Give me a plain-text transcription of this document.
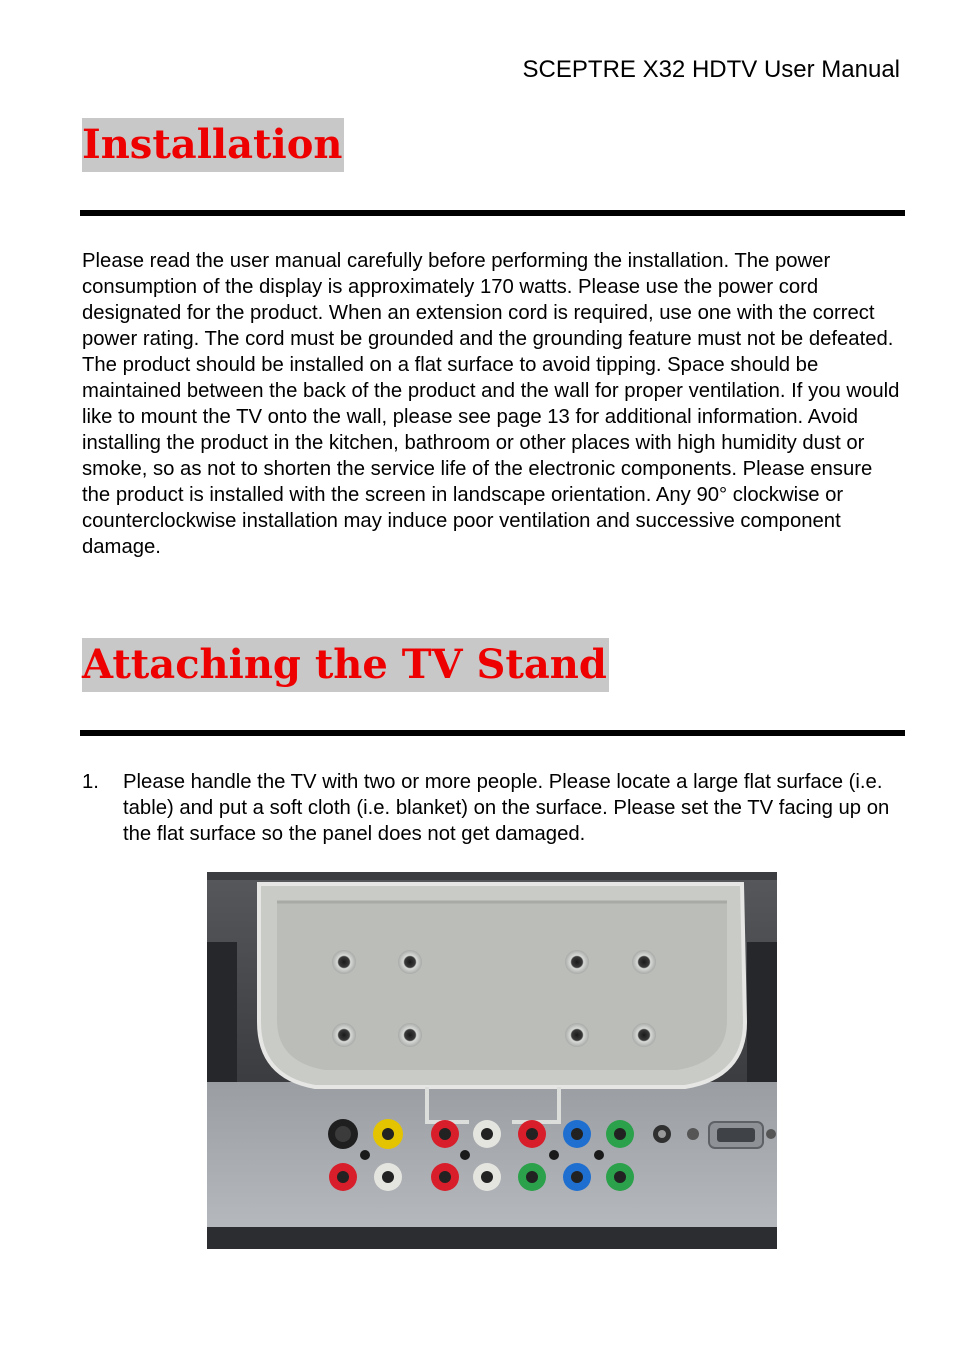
SCEPTRE X32 HDTV User Manual
Installation

Please read the user manual carefully before performing the installation. The power consumption of the display is approximately 170 watts. Please use the power cord designated for the product. When an extension cord is required, use one with the correct power rating. The cord must be grounded and the grounding feature must not be defeated. The product should be installed on a flat surface to avoid tipping. Space should be maintained between the back of the product and the wall for proper ventilation. If you would like to mount the TV onto the wall, please see page 13 for additional information. Avoid installing the product in the kitchen, bathroom or other places with high humidity dust or smoke, so as not to shorten the service life of the electronic components. Please ensure the product is installed with the screen in landscape orientation. Any 90° clockwise or counterclockwise installation may induce poor ventilation and successive component damage.

Attaching the TV Stand
1. Please handle the TV with two or more people. Please locate a large flat surface (i.e. table) and put a soft cloth (i.e. blanket) on the surface. Please set the TV facing up on the flat surface so the panel does not get damaged.
